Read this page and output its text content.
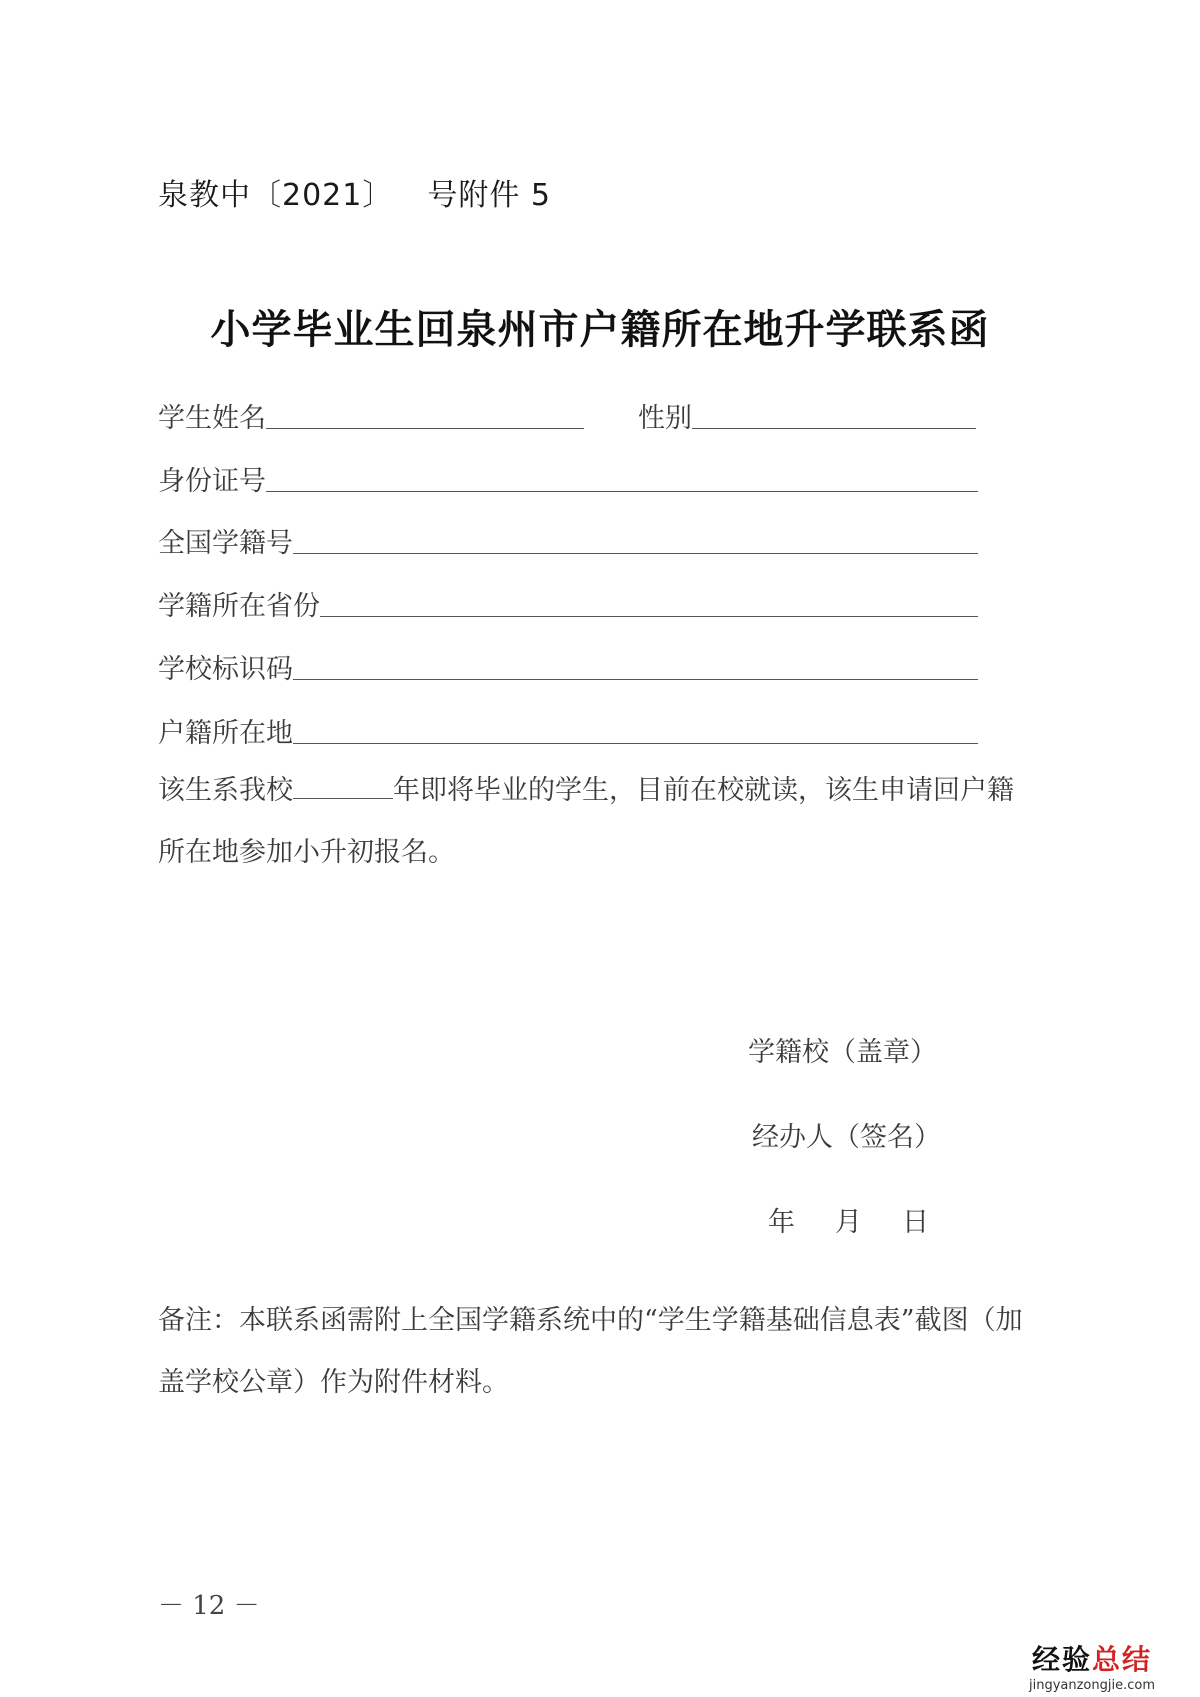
泉教中〔2021〕 号附件 5
小学毕业生回泉州市户籍所在地升学联系函
学生姓名	性别
身份证号
全国学籍号
学籍所在省份
学校标识码
户籍所在地
该生系我校	年即将毕业的学生，目前在校就读，该生申请回户籍
所在地参加小升初报名。
学籍校（盖章）
经办人（签名）
年 月 日
备注：本联系函需附上全国学籍系统中的“学生学籍基础信息表”截图（加
盖学校公章）作为附件材料。
－ 12 －
经验总结
jingyanzongjie.com
